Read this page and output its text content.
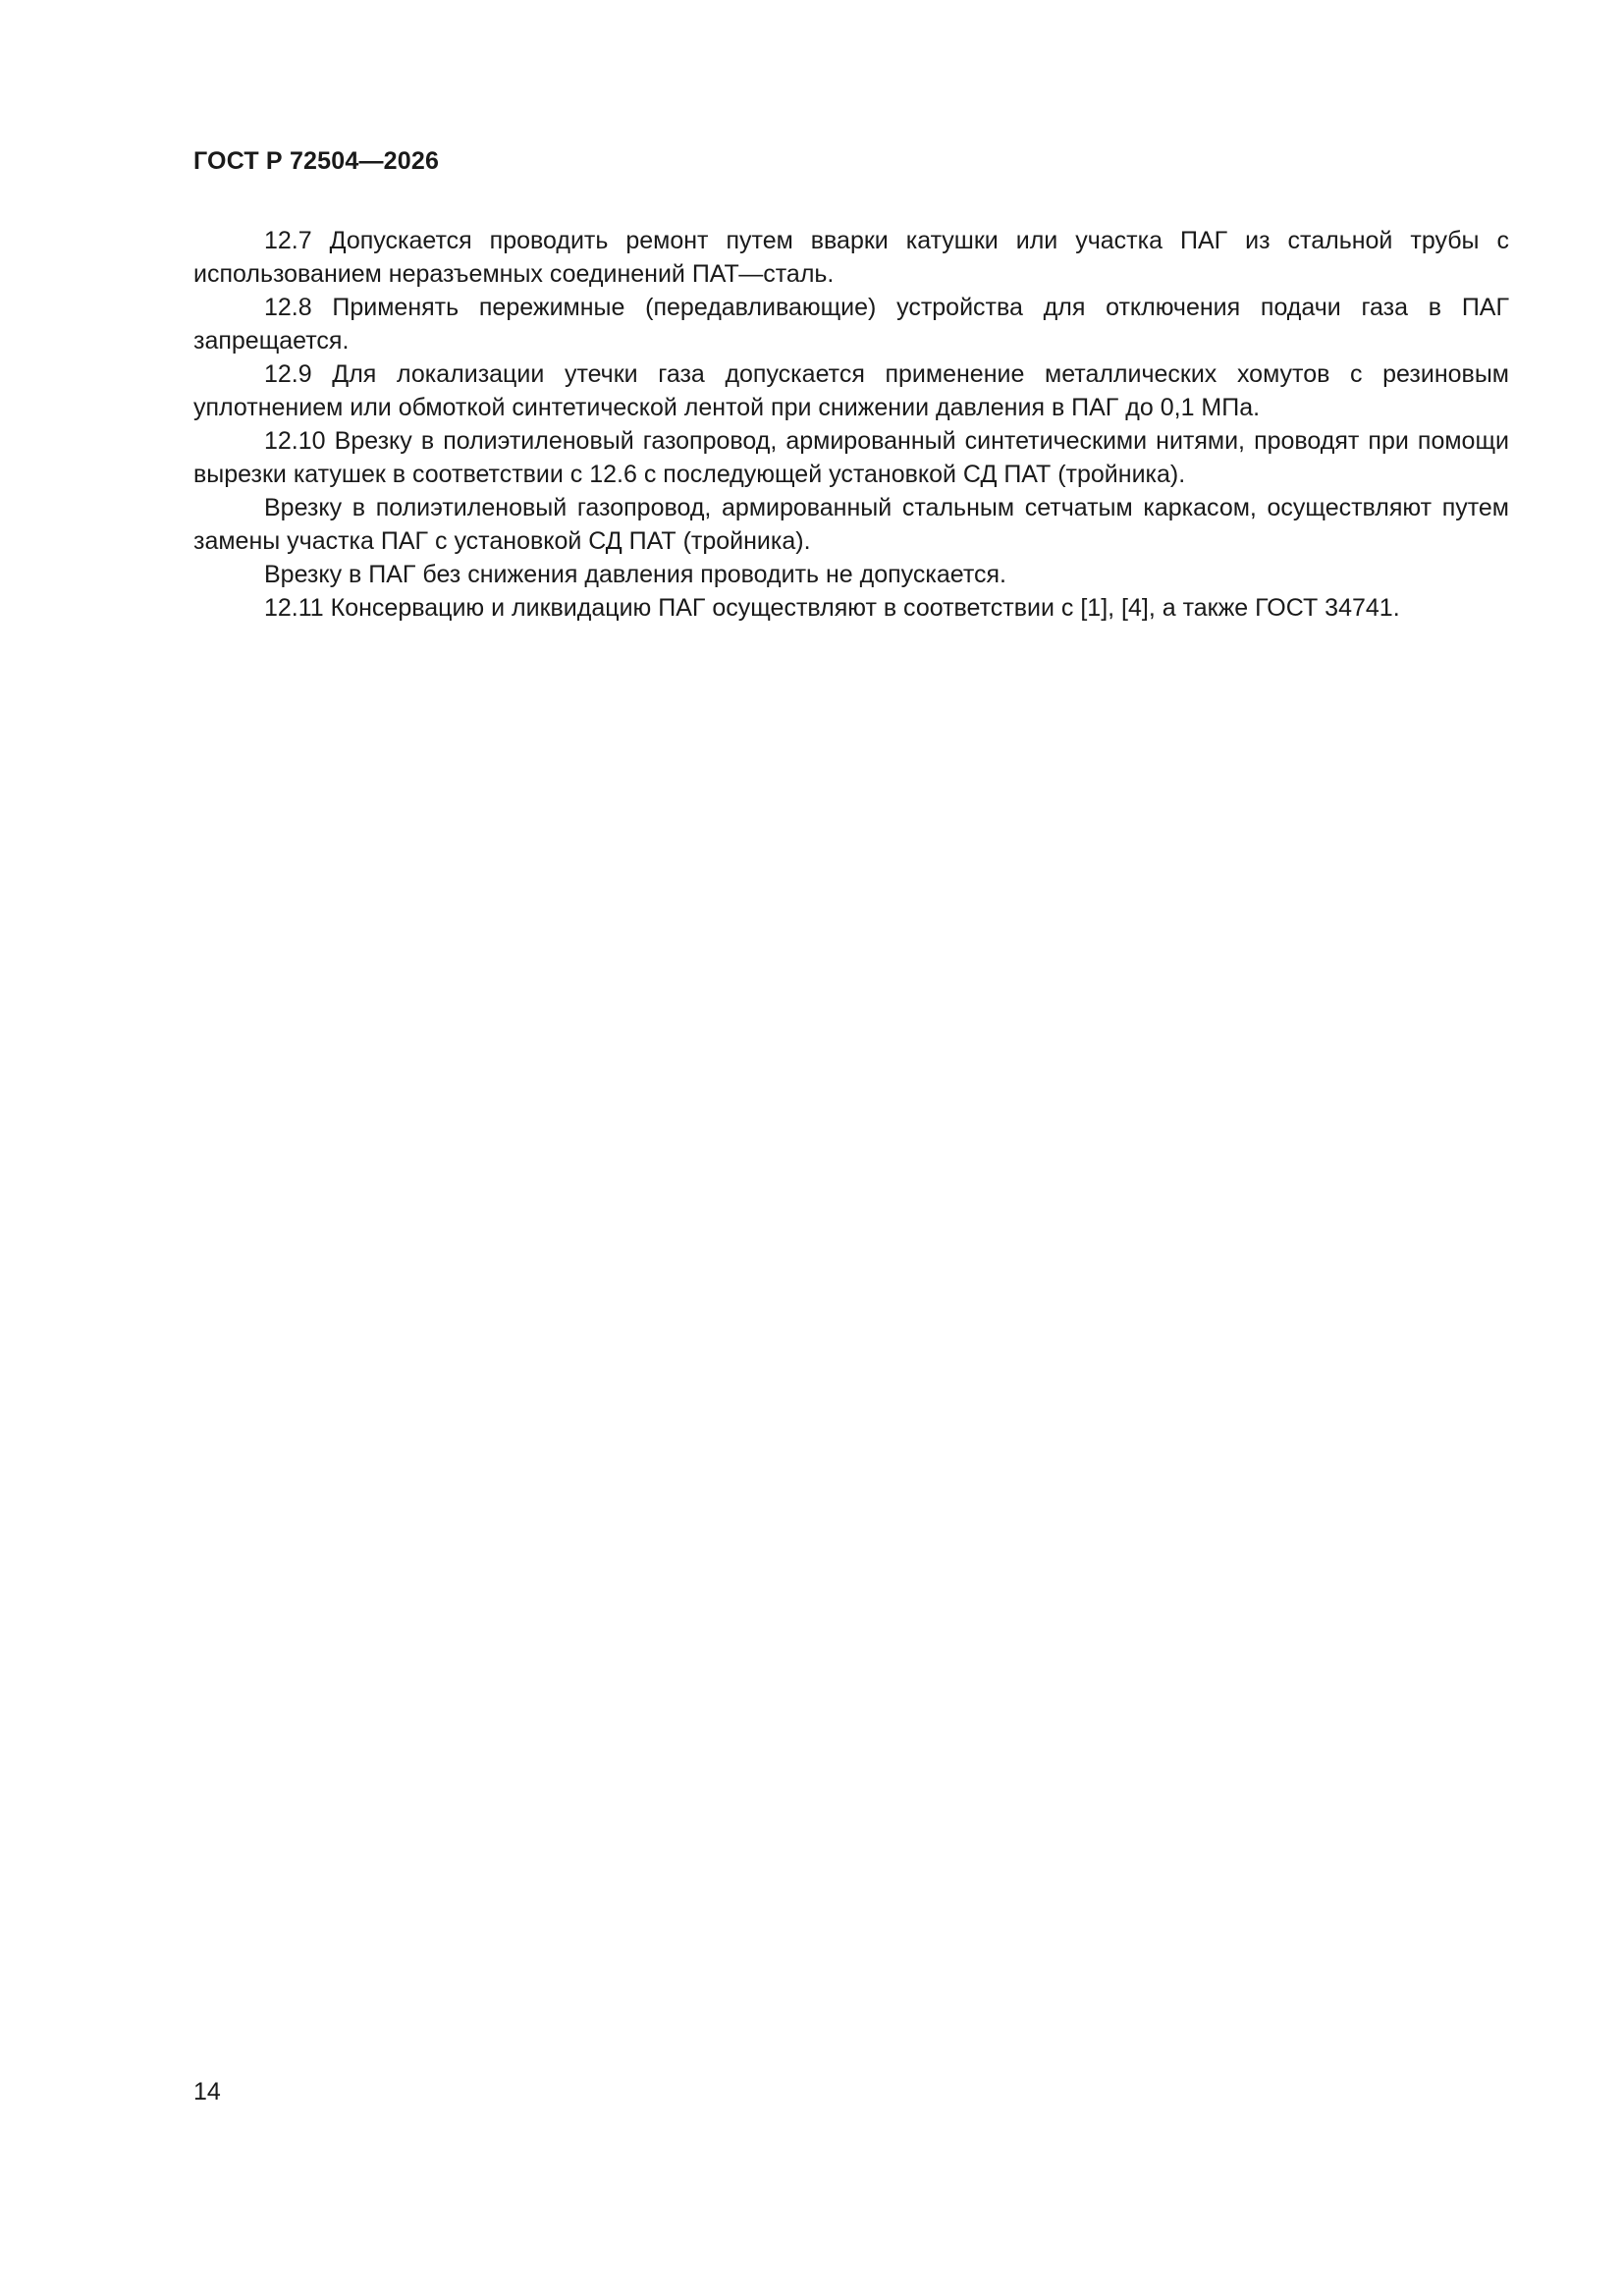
ГОСТ Р 72504—2026

12.7 Допускается проводить ремонт путем вварки катушки или участка ПАГ из стальной трубы с использованием неразъемных соединений ПАТ—сталь.

12.8 Применять пережимные (передавливающие) устройства для отключения подачи газа в ПАГ запрещается.

12.9 Для локализации утечки газа допускается применение металлических хомутов с резиновым уплотнением или обмоткой синтетической лентой при снижении давления в ПАГ до 0,1 МПа.

12.10 Врезку в полиэтиленовый газопровод, армированный синтетическими нитями, проводят при помощи вырезки катушек в соответствии с 12.6 с последующей установкой СД ПАТ (тройника).

Врезку в полиэтиленовый газопровод, армированный стальным сетчатым каркасом, осуществляют путем замены участка ПАГ с установкой СД ПАТ (тройника).

Врезку в ПАГ без снижения давления проводить не допускается.

12.11 Консервацию и ликвидацию ПАГ осуществляют в соответствии с [1], [4], а также ГОСТ 34741.

14
